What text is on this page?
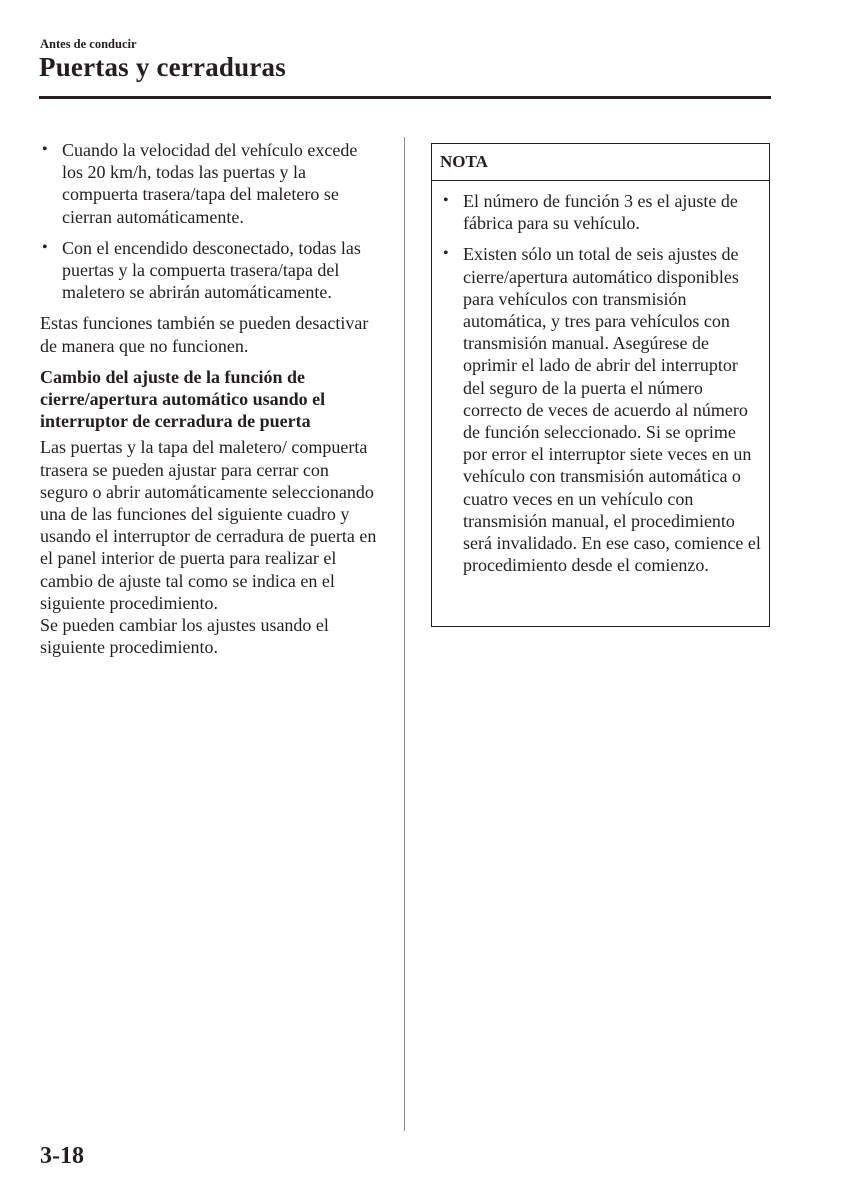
Antes de conducir

Puertas y cerraduras
• Cuando la velocidad del vehículo excede los 20 km/h, todas las puertas y la compuerta trasera/tapa del maletero se cierran automáticamente.
• Con el encendido desconectado, todas las puertas y la compuerta trasera/tapa del maletero se abrirán automáticamente.

Estas funciones también se pueden desactivar de manera que no funcionen.

Cambio del ajuste de la función de cierre/apertura automático usando el interruptor de cerradura de puerta

Las puertas y la tapa del maletero/ compuerta trasera se pueden ajustar para cerrar con seguro o abrir automáticamente seleccionando una de las funciones del siguiente cuadro y usando el interruptor de cerradura de puerta en el panel interior de puerta para realizar el cambio de ajuste tal como se indica en el siguiente procedimiento.

Se pueden cambiar los ajustes usando el siguiente procedimiento.

NOTA
• El número de función 3 es el ajuste de fábrica para su vehículo.
• Existen sólo un total de seis ajustes de cierre/apertura automático disponibles para vehículos con transmisión automática, y tres para vehículos con transmisión manual. Asegúrese de oprimir el lado de abrir del interruptor del seguro de la puerta el número correcto de veces de acuerdo al número de función seleccionado. Si se oprime por error el interruptor siete veces en un vehículo con transmisión automática o cuatro veces en un vehículo con transmisión manual, el procedimiento será invalidado. En ese caso, comience el procedimiento desde el comienzo.

3-18
